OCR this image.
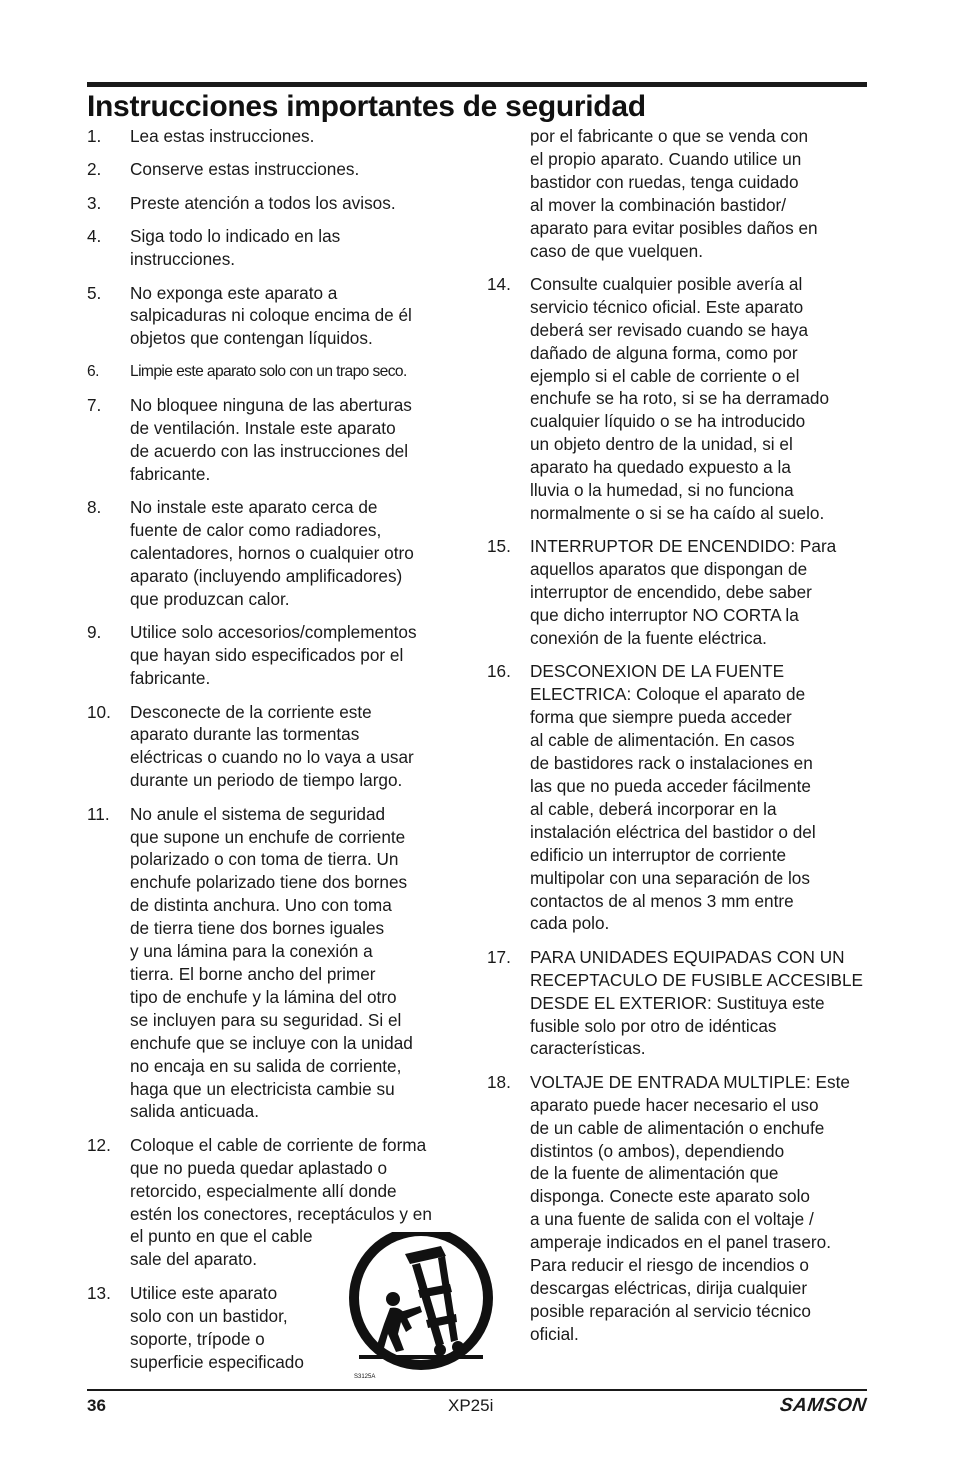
Instrucciones importantes de seguridad
1. Lea estas instrucciones.
2. Conserve estas instrucciones.
3. Preste atención a todos los avisos.
4. Siga todo lo indicado en las
instrucciones.
5. No exponga este aparato a
salpicaduras ni coloque encima de él
objetos que contengan líquidos.
6. Limpie este aparato solo con un trapo seco.
7. No bloquee ninguna de las aberturas
de ventilación. Instale este aparato
de acuerdo con las instrucciones del
fabricante.
8. No instale este aparato cerca de
fuente de calor como radiadores,
calentadores, hornos o cualquier otro
aparato (incluyendo amplificadores)
que produzcan calor.
9. Utilice solo accesorios/complementos
que hayan sido especificados por el
fabricante.
10. Desconecte de la corriente este
aparato durante las tormentas
eléctricas o cuando no lo vaya a usar
durante un periodo de tiempo largo.
11. No anule el sistema de seguridad
que supone un enchufe de corriente
polarizado o con toma de tierra. Un
enchufe polarizado tiene dos bornes
de distinta anchura. Uno con toma
de tierra tiene dos bornes iguales
y una lámina para la conexión a
tierra. El borne ancho del primer
tipo de enchufe y la lámina del otro
se incluyen para su seguridad. Si el
enchufe que se incluye con la unidad
no encaja en su salida de corriente,
haga que un electricista cambie su
salida anticuada.
12. Coloque el cable de corriente de forma
que no pueda quedar aplastado o
retorcido, especialmente allí donde
estén los conectores, receptáculos y en
el punto en que el cable
sale del aparato.
13. Utilice este aparato
solo con un bastidor,
soporte, trípode o
superficie especificado
por el fabricante o que se venda con
el propio aparato. Cuando utilice un
bastidor con ruedas, tenga cuidado
al mover la combinación bastidor/
aparato para evitar posibles daños en
caso de que vuelquen.
14. Consulte cualquier posible avería al
servicio técnico oficial. Este aparato
deberá ser revisado cuando se haya
dañado de alguna forma, como por
ejemplo si el cable de corriente o el
enchufe se ha roto, si se ha derramado
cualquier líquido o se ha introducido
un objeto dentro de la unidad, si el
aparato ha quedado expuesto a la
lluvia o la humedad, si no funciona
normalmente o si se ha caído al suelo.
15. INTERRUPTOR DE ENCENDIDO: Para
aquellos aparatos que dispongan de
interruptor de encendido, debe saber
que dicho interruptor NO CORTA la
conexión de la fuente eléctrica.
16. DESCONEXION DE LA FUENTE
ELECTRICA: Coloque el aparato de
forma que siempre pueda acceder
al cable de alimentación. En casos
de bastidores rack o instalaciones en
las que no pueda acceder fácilmente
al cable, deberá incorporar en la
instalación eléctrica del bastidor o del
edificio un interruptor de corriente
multipolar con una separación de los
contactos de al menos 3 mm entre
cada polo.
17. PARA UNIDADES EQUIPADAS CON UN
RECEPTACULO DE FUSIBLE ACCESIBLE
DESDE EL EXTERIOR: Sustituya este
fusible solo por otro de idénticas
características.
18. VOLTAJE DE ENTRADA MULTIPLE: Este
aparato puede hacer necesario el uso
de un cable de alimentación o enchufe
distintos (o ambos), dependiendo
de la fuente de alimentación que
disponga. Conecte este aparato solo
a una fuente de salida con el voltaje /
amperaje indicados en el panel trasero.
Para reducir el riesgo de incendios o
descargas eléctricas, dirija cualquier
posible reparación al servicio técnico
oficial.
S3125A
36	XP25i	SAMSON
